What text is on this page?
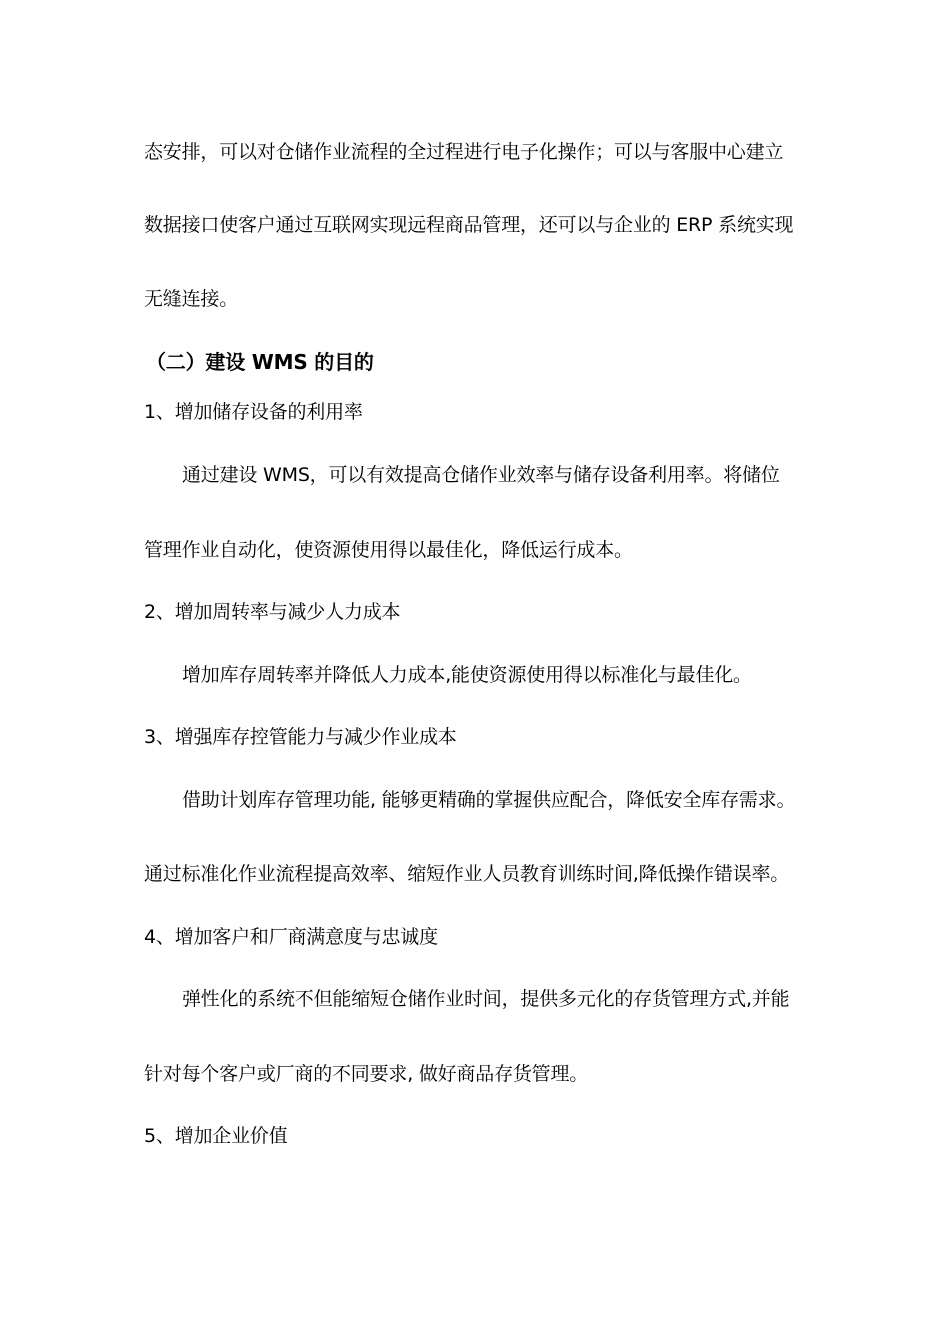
态安排，可以对仓储作业流程的全过程进行电子化操作；可以与客服中心建立
数据接口使客户通过互联网实现远程商品管理，还可以与企业的 ERP 系统实现
无缝连接。
（二）建设 WMS 的目的
1、增加储存设备的利用率
通过建设 WMS，可以有效提高仓储作业效率与储存设备利用率。将储位
管理作业自动化，使资源使用得以最佳化，降低运行成本。
2、增加周转率与减少人力成本
增加库存周转率并降低人力成本,能使资源使用得以标准化与最佳化。
3、增强库存控管能力与减少作业成本
借助计划库存管理功能, 能够更精确的掌握供应配合，降低安全库存需求。
通过标准化作业流程提高效率、缩短作业人员教育训练时间,降低操作错误率。
4、增加客户和厂商满意度与忠诚度
弹性化的系统不但能缩短仓储作业时间，提供多元化的存货管理方式,并能
针对每个客户或厂商的不同要求, 做好商品存货管理。
5、增加企业价值
